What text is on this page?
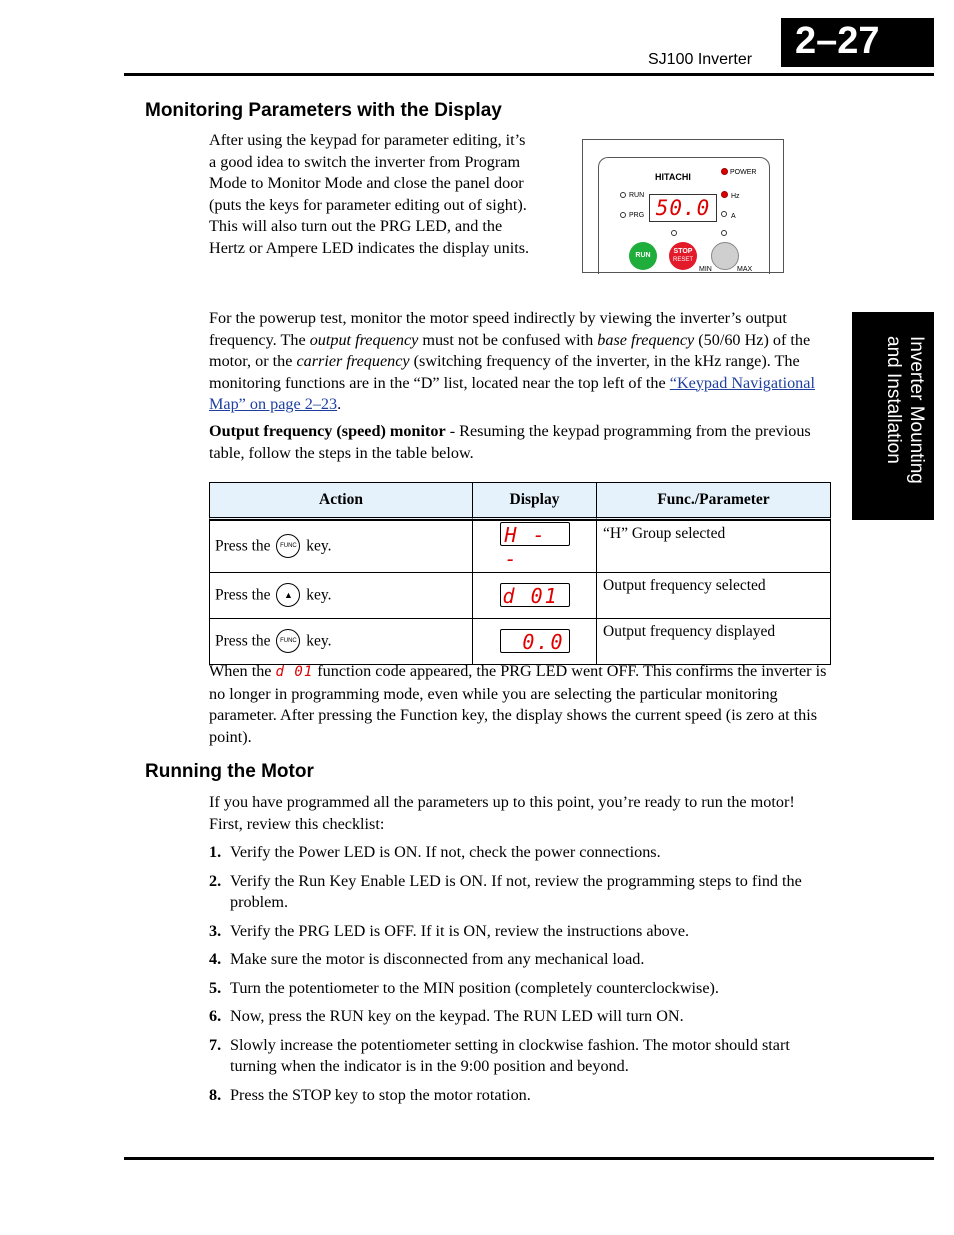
SJ100 Inverter	2–27
Inverter Mounting
and Installation
Monitoring Parameters with the Display

After using the keypad for parameter editing, it’s a good idea to switch the inverter from Program Mode to Monitor Mode and close the panel door (puts the keys for parameter editing out of sight). This will also turn out the PRG LED, and the Hertz or Ampere LED indicates the display units.

HITACHI	POWER
RUN
PRG 50.0	Hz
A
RUN
STOP
RESET
MIN	MAX

For the powerup test, monitor the motor speed indirectly by viewing the inverter’s output frequency. The output frequency must not be confused with base frequency (50/60 Hz) of the motor, or the carrier frequency (switching frequency of the inverter, in the kHz range). The monitoring functions are in the “D” list, located near the top left of the “Keypad Navigational Map” on page 2–23.

Output frequency (speed) monitor - Resuming the keypad programming from the previous table, follow the steps in the table below.

Action	Display	Func./Parameter
Press the FUNC key.	H - -	“H” Group selected
Press the ▲ key.	d 01	Output frequency selected
Press the FUNC key.	0.0	Output frequency displayed

When the d 01 function code appeared, the PRG LED went OFF. This confirms the inverter is no longer in programming mode, even while you are selecting the particular monitoring parameter. After pressing the Function key, the display shows the current speed (is zero at this point).

Running the Motor

If you have programmed all the parameters up to this point, you’re ready to run the motor! First, review this checklist:

1. Verify the Power LED is ON. If not, check the power connections.
2. Verify the Run Key Enable LED is ON. If not, review the programming steps to find the problem.
3. Verify the PRG LED is OFF. If it is ON, review the instructions above.
4. Make sure the motor is disconnected from any mechanical load.
5. Turn the potentiometer to the MIN position (completely counterclockwise).
6. Now, press the RUN key on the keypad. The RUN LED will turn ON.
7. Slowly increase the potentiometer setting in clockwise fashion. The motor should start turning when the indicator is in the 9:00 position and beyond.
8. Press the STOP key to stop the motor rotation.
